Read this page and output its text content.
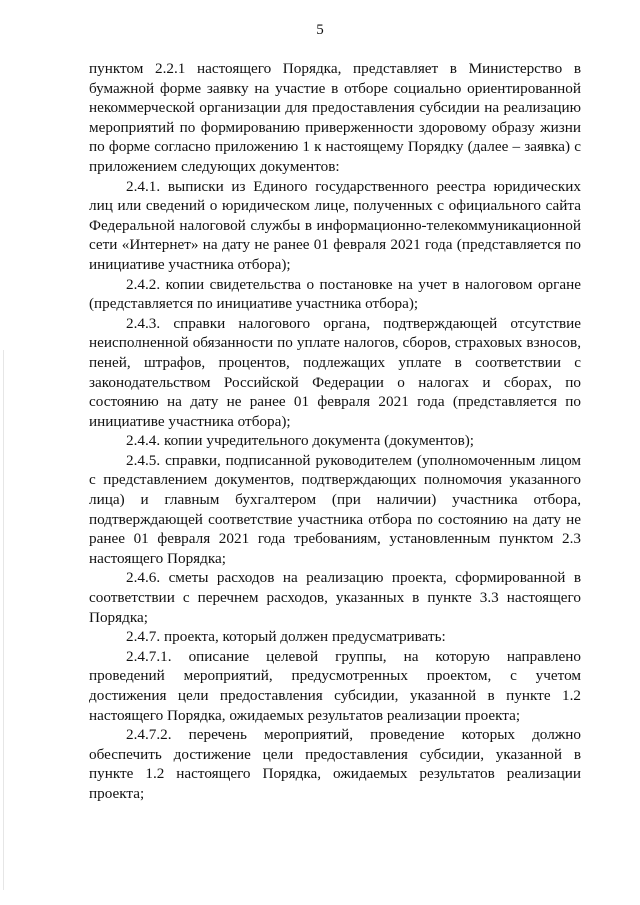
5

пунктом 2.2.1 настоящего Порядка, представляет в Министерство в бумажной форме заявку на участие в отборе социально ориентированной некоммерческой организации для предоставления субсидии на реализацию мероприятий по формированию приверженности здоровому образу жизни по форме согласно приложению 1 к настоящему Порядку (далее – заявка) с приложением следующих документов:

2.4.1. выписки из Единого государственного реестра юридических лиц или сведений о юридическом лице, полученных с официального сайта Федеральной налоговой службы в информационно-телекоммуникационной сети «Интернет» на дату не ранее 01 февраля 2021 года (представляется по инициативе участника отбора);

2.4.2. копии свидетельства о постановке на учет в налоговом органе (представляется по инициативе участника отбора);

2.4.3. справки налогового органа, подтверждающей отсутствие неисполненной обязанности по уплате налогов, сборов, страховых взносов, пеней, штрафов, процентов, подлежащих уплате в соответствии с законодательством Российской Федерации о налогах и сборах, по состоянию на дату не ранее 01 февраля 2021 года (представляется по инициативе участника отбора);

2.4.4. копии учредительного документа (документов);

2.4.5. справки, подписанной руководителем (уполномоченным лицом с представлением документов, подтверждающих полномочия указанного лица) и главным бухгалтером (при наличии) участника отбора, подтверждающей соответствие участника отбора по состоянию на дату не ранее 01 февраля 2021 года требованиям, установленным пунктом 2.3 настоящего Порядка;

2.4.6. сметы расходов на реализацию проекта, сформированной в соответствии с перечнем расходов, указанных в пункте 3.3 настоящего Порядка;

2.4.7. проекта, который должен предусматривать:

2.4.7.1. описание целевой группы, на которую направлено проведений мероприятий, предусмотренных проектом, с учетом достижения цели предоставления субсидии, указанной в пункте 1.2 настоящего Порядка, ожидаемых результатов реализации проекта;

2.4.7.2. перечень мероприятий, проведение которых должно обеспечить достижение цели предоставления субсидии, указанной в пункте 1.2 настоящего Порядка, ожидаемых результатов реализации проекта;
